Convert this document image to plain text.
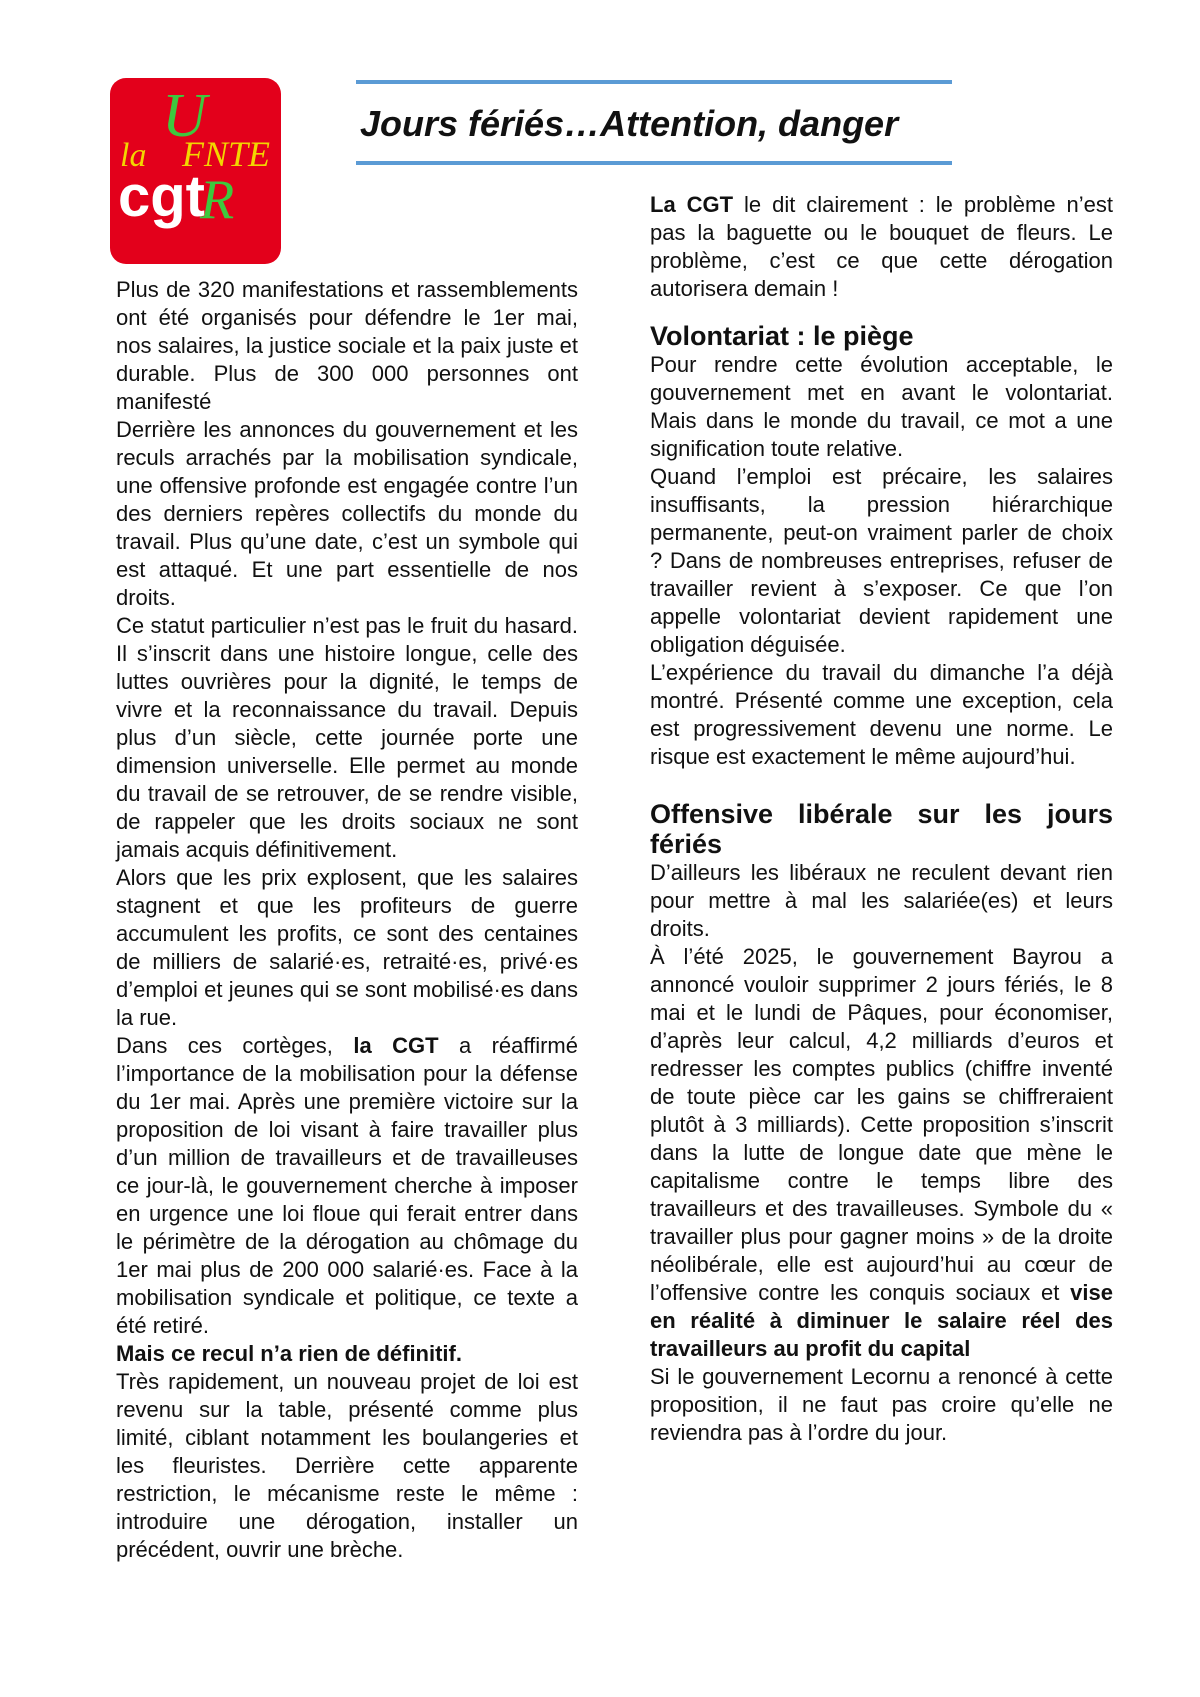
U
la FNTE
cgt
R
Jours fériés…Attention, danger

Plus de 320 manifestations et rassemblements ont été organisés pour défendre le 1er mai, nos salaires, la justice sociale et la paix juste et durable. Plus de 300 000 personnes ont manifesté

Derrière les annonces du gouvernement et les reculs arrachés par la mobilisation syndicale, une offensive profonde est engagée contre l’un des derniers repères collectifs du monde du travail. Plus qu’une date, c’est un symbole qui est attaqué. Et une part essentielle de nos droits.

Ce statut particulier n’est pas le fruit du hasard. Il s’inscrit dans une histoire longue, celle des luttes ouvrières pour la dignité, le temps de vivre et la reconnaissance du travail. Depuis plus d’un siècle, cette journée porte une dimension universelle. Elle permet au monde du travail de se retrouver, de se rendre visible, de rappeler que les droits sociaux ne sont jamais acquis définitivement.

Alors que les prix explosent, que les salaires stagnent et que les profiteurs de guerre accumulent les profits, ce sont des centaines de milliers de salarié·es, retraité·es, privé·es d’emploi et jeunes qui se sont mobilisé·es dans la rue.

Dans ces cortèges, la CGT a réaffirmé l’importance de la mobilisation pour la défense du 1er mai. Après une première victoire sur la proposition de loi visant à faire travailler plus d’un million de travailleurs et de travailleuses ce jour-là, le gouvernement cherche à imposer en urgence une loi floue qui ferait entrer dans le périmètre de la dérogation au chômage du 1er mai plus de 200 000 salarié·es. Face à la mobilisation syndicale et politique, ce texte a été retiré.

Mais ce recul n’a rien de définitif.

Très rapidement, un nouveau projet de loi est revenu sur la table, présenté comme plus limité, ciblant notamment les boulangeries et les fleuristes. Derrière cette apparente restriction, le mécanisme reste le même : introduire une dérogation, installer un précédent, ouvrir une brèche.

La CGT le dit clairement : le problème n’est pas la baguette ou le bouquet de fleurs. Le problème, c’est ce que cette dérogation autorisera demain !

Volontariat : le piège

Pour rendre cette évolution acceptable, le gouvernement met en avant le volontariat. Mais dans le monde du travail, ce mot a une signification toute relative.

Quand l’emploi est précaire, les salaires insuffisants, la pression hiérarchique permanente, peut-on vraiment parler de choix ? Dans de nombreuses entreprises, refuser de travailler revient à s’exposer. Ce que l’on appelle volontariat devient rapidement une obligation déguisée.

L’expérience du travail du dimanche l’a déjà montré. Présenté comme une exception, cela est progressivement devenu une norme. Le risque est exactement le même aujourd’hui.

Offensive libérale sur les jours fériés

D’ailleurs les libéraux ne reculent devant rien pour mettre à mal les salariée(es) et leurs droits.

À l’été 2025, le gouvernement Bayrou a annoncé vouloir supprimer 2 jours fériés, le 8 mai et le lundi de Pâques, pour économiser, d’après leur calcul, 4,2 milliards d’euros et redresser les comptes publics (chiffre inventé de toute pièce car les gains se chiffreraient plutôt à 3 milliards). Cette proposition s’inscrit dans la lutte de longue date que mène le capitalisme contre le temps libre des travailleurs et des travailleuses. Symbole du « travailler plus pour gagner moins » de la droite néolibérale, elle est aujourd’hui au cœur de l’offensive contre les conquis sociaux et vise en réalité à diminuer le salaire réel des travailleurs au profit du capital

Si le gouvernement Lecornu a renoncé à cette proposition, il ne faut pas croire qu’elle ne reviendra pas à l’ordre du jour.
